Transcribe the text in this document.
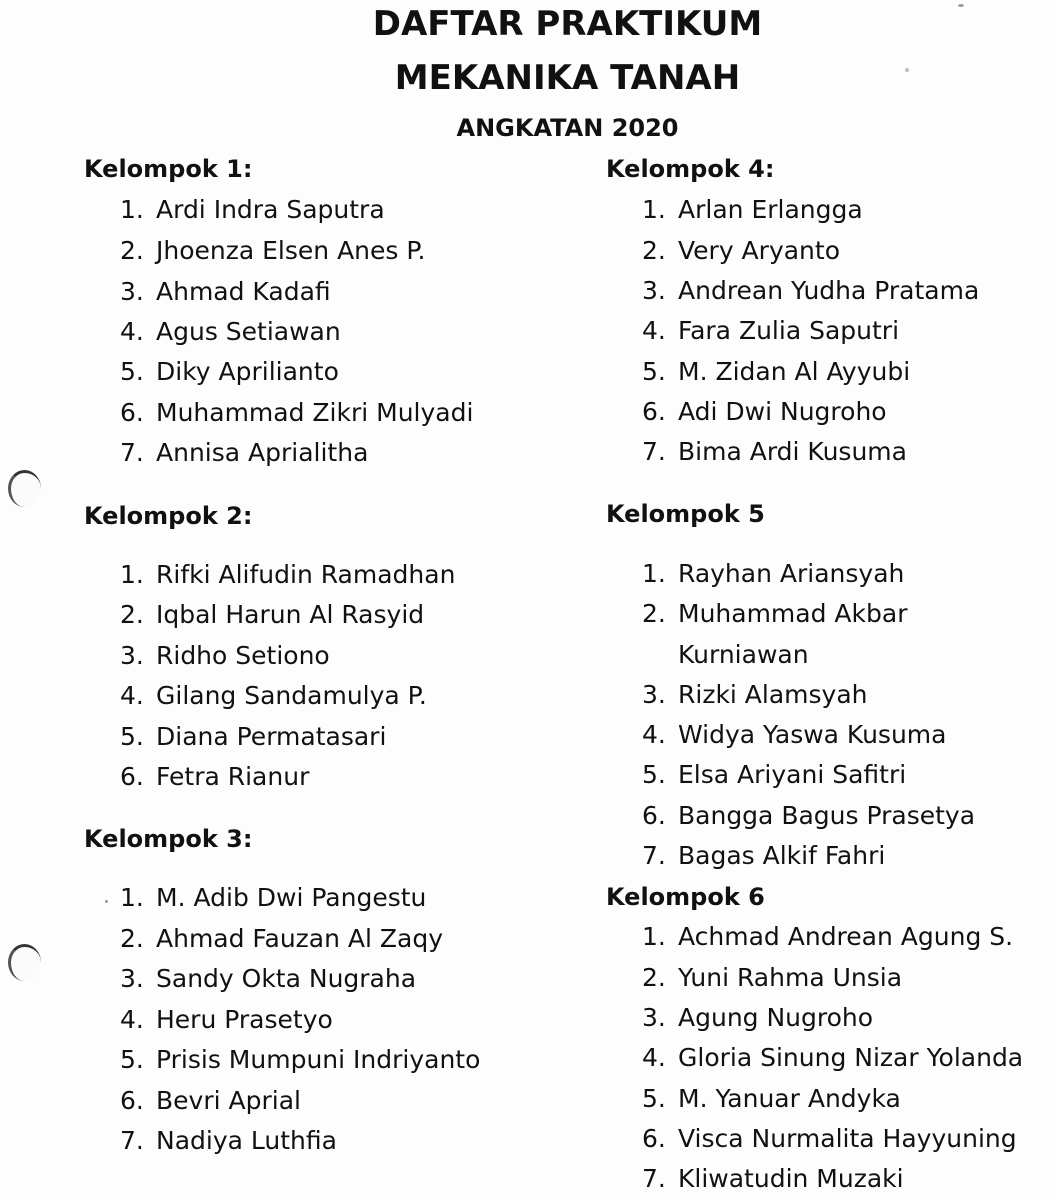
DAFTAR PRAKTIKUM
MEKANIKA TANAH
ANGKATAN 2020
Kelompok 1:
1. Ardi Indra Saputra
2. Jhoenza Elsen Anes P.
3. Ahmad Kadafi
4. Agus Setiawan
5. Diky Aprilianto
6. Muhammad Zikri Mulyadi
7. Annisa Aprialitha
Kelompok 2:
1. Rifki Alifudin Ramadhan
2. Iqbal Harun Al Rasyid
3. Ridho Setiono
4. Gilang Sandamulya P.
5. Diana Permatasari
6. Fetra Rianur
Kelompok 3:
1. M. Adib Dwi Pangestu
2. Ahmad Fauzan Al Zaqy
3. Sandy Okta Nugraha
4. Heru Prasetyo
5. Prisis Mumpuni Indriyanto
6. Bevri Aprial
7. Nadiya Luthfia
Kelompok 4:
1. Arlan Erlangga
2. Very Aryanto
3. Andrean Yudha Pratama
4. Fara Zulia Saputri
5. M. Zidan Al Ayyubi
6. Adi Dwi Nugroho
7. Bima Ardi Kusuma
Kelompok 5
1. Rayhan Ariansyah
2. Muhammad Akbar
Kurniawan
3. Rizki Alamsyah
4. Widya Yaswa Kusuma
5. Elsa Ariyani Safitri
6. Bangga Bagus Prasetya
7. Bagas Alkif Fahri
Kelompok 6
1. Achmad Andrean Agung S.
2. Yuni Rahma Unsia
3. Agung Nugroho
4. Gloria Sinung Nizar Yolanda
5. M. Yanuar Andyka
6. Visca Nurmalita Hayyuning
7. Kliwatudin Muzaki
